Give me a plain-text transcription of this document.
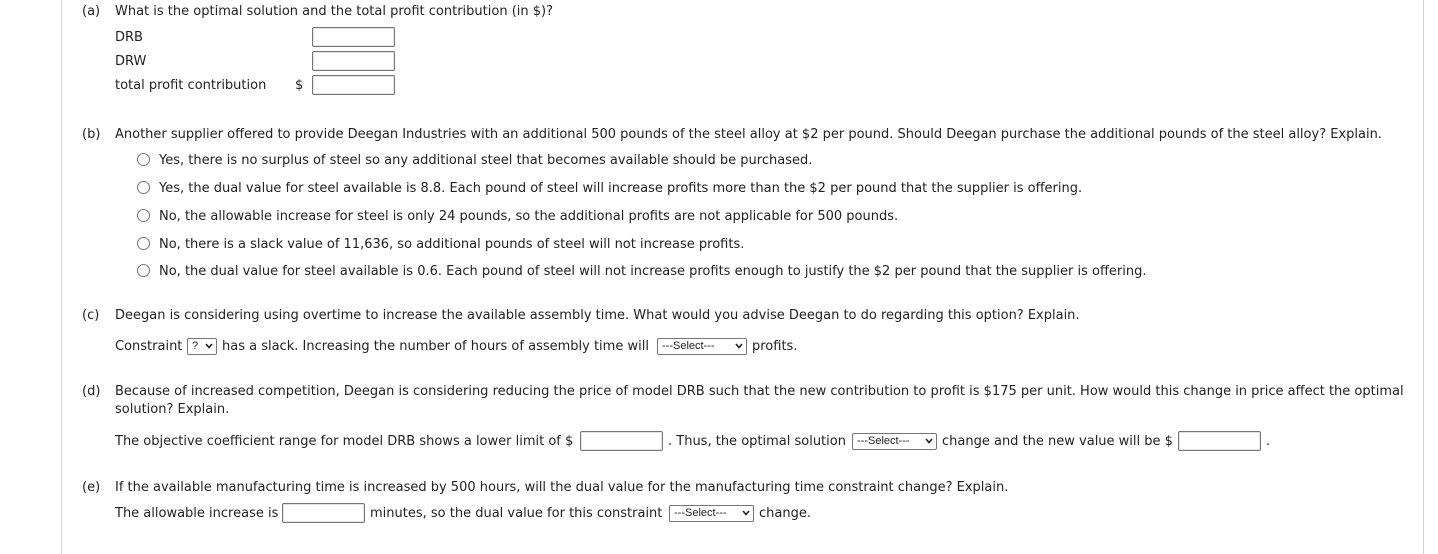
(a) What is the optimal solution and the total profit contribution (in $)?
DRB
DRW
total profit contribution $
(b) Another supplier offered to provide Deegan Industries with an additional 500 pounds of the steel alloy at $2 per pound. Should Deegan purchase the additional pounds of the steel alloy? Explain.
Yes, there is no surplus of steel so any additional steel that becomes available should be purchased.
Yes, the dual value for steel available is 8.8. Each pound of steel will increase profits more than the $2 per pound that the supplier is offering.
No, the allowable increase for steel is only 24 pounds, so the additional profits are not applicable for 500 pounds.
No, there is a slack value of 11,636, so additional pounds of steel will not increase profits.
No, the dual value for steel available is 0.6. Each pound of steel will not increase profits enough to justify the $2 per pound that the supplier is offering.
(c) Deegan is considering using overtime to increase the available assembly time. What would you advise Deegan to do regarding this option? Explain.
Constraint ?	has a slack. Increasing the number of hours of assembly time will	---Select---	profits.
(d) Because of increased competition, Deegan is considering reducing the price of model DRB such that the new contribution to profit is $175 per unit. How would this change in price affect the optimal
solution? Explain.
The objective coefficient range for model DRB shows a lower limit of $	. Thus, the optimal solution	---Select---	change and the new value will be $	.
(e) If the available manufacturing time is increased by 500 hours, will the dual value for the manufacturing time constraint change? Explain.
The allowable increase is	minutes, so the dual value for this constraint	---Select---	change.
